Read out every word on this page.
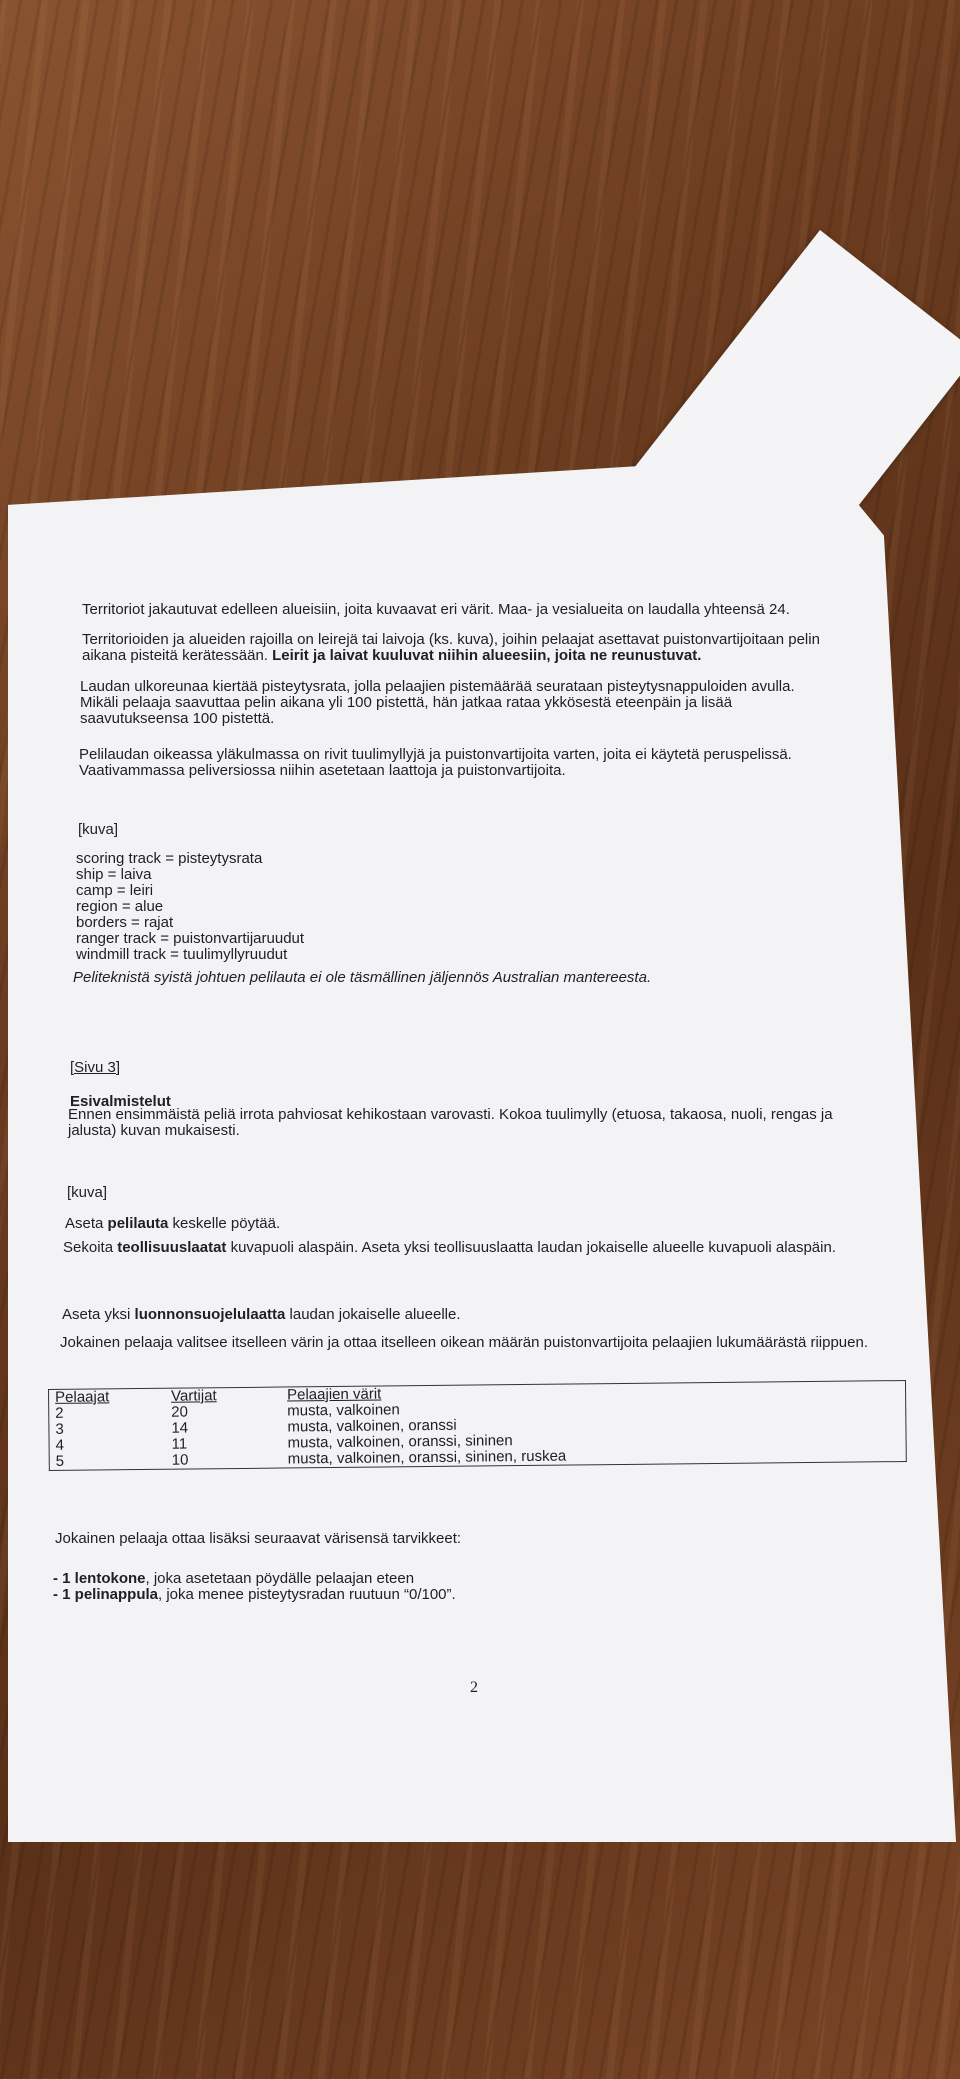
Territoriot jakautuvat edelleen alueisiin, joita kuvaavat eri värit. Maa- ja vesialueita on laudalla yhteensä 24.

Territorioiden ja alueiden rajoilla on leirejä tai laivoja (ks. kuva), joihin pelaajat asettavat puistonvartijoitaan pelin aikana pisteitä kerätessään. Leirit ja laivat kuuluvat niihin alueesiin, joita ne reunustuvat.

Laudan ulkoreunaa kiertää pisteytysrata, jolla pelaajien pistemäärää seurataan pisteytysnappuloiden avulla. Mikäli pelaaja saavuttaa pelin aikana yli 100 pistettä, hän jatkaa rataa ykkösestä eteenpäin ja lisää saavutukseensa 100 pistettä.

Pelilaudan oikeassa yläkulmassa on rivit tuulimyllyjä ja puistonvartijoita varten, joita ei käytetä peruspelissä. Vaativammassa peliversiossa niihin asetetaan laattoja ja puistonvartijoita.

[kuva]

scoring track = pisteytysrata
ship = laiva
camp = leiri
region = alue
borders = rajat
ranger track = puistonvartijaruudut
windmill track = tuulimyllyruudut

Peliteknistä syistä johtuen pelilauta ei ole täsmällinen jäljennös Australian mantereesta.

[Sivu 3]

Esivalmistelut

Ennen ensimmäistä peliä irrota pahviosat kehikostaan varovasti. Kokoa tuulimylly (etuosa, takaosa, nuoli, rengas ja jalusta) kuvan mukaisesti.

[kuva]

Aseta pelilauta keskelle pöytää.

Sekoita teollisuuslaatat kuvapuoli alaspäin. Aseta yksi teollisuuslaatta laudan jokaiselle alueelle kuvapuoli alaspäin.

Aseta yksi luonnonsuojelulaatta laudan jokaiselle alueelle.

Jokainen pelaaja valitsee itselleen värin ja ottaa itselleen oikean määrän puistonvartijoita pelaajien lukumäärästä riippuen.

Pelaajat	Vartijat	Pelaajien värit
2	20	musta, valkoinen
3	14	musta, valkoinen, oranssi
4	11	musta, valkoinen, oranssi, sininen
5	10	musta, valkoinen, oranssi, sininen, ruskea

Jokainen pelaaja ottaa lisäksi seuraavat värisensä tarvikkeet:

- 1 lentokone, joka asetetaan pöydälle pelaajan eteen
- 1 pelinappula, joka menee pisteytysradan ruutuun “0/100”.
2
